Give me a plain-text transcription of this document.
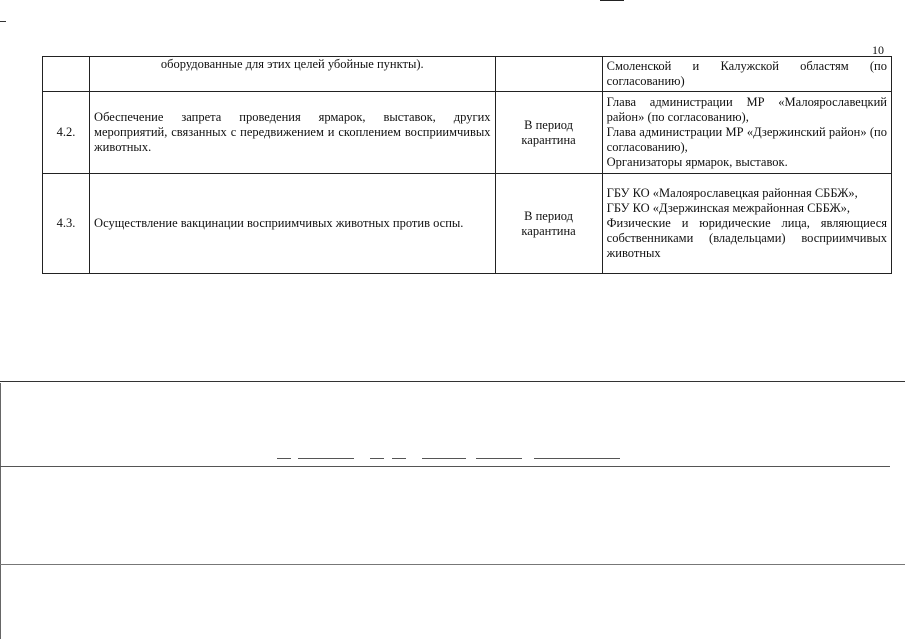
10
	оборудованные для этих целей убойные пункты).		Смоленской и Калужской областям (по согласованию)

4.2.	Обеспечение запрета проведения ярмарок, выставок, других мероприятий, связанных с передвижением и скоплением восприимчивых животных.	В период карантина	Глава администрации МР «Малоярославецкий район» (по согласованию),
Глава администрации МР «Дзержинский район» (по согласованию),
Организаторы ярмарок, выставок.

4.3.	Осуществление вакцинации восприимчивых животных против оспы.	В период карантина	ГБУ КО «Малоярославецкая районная СББЖ»,
ГБУ КО «Дзержинская межрайонная СББЖ»,
Физические и юридические лица, являющиеся собственниками (владельцами) восприимчивых животных
